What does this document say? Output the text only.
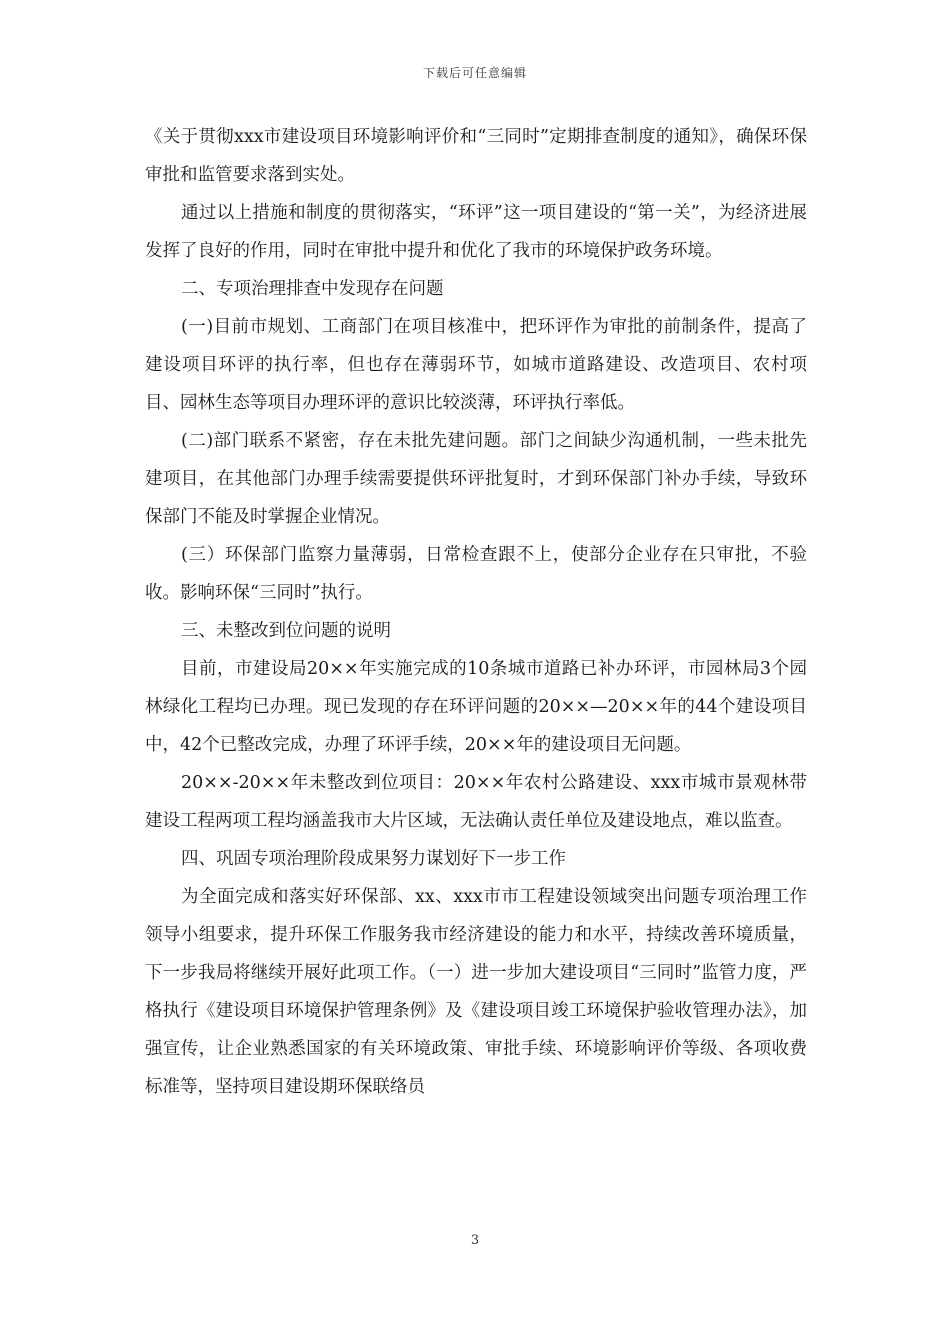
下载后可任意编辑

《关于贯彻xxx市建设项目环境影响评价和“三同时”定期排查制度的通知》，确保环保审批和监管要求落到实处。

通过以上措施和制度的贯彻落实，“环评”这一项目建设的“第一关”，为经济进展发挥了良好的作用，同时在审批中提升和优化了我市的环境保护政务环境。

二、专项治理排查中发现存在问题

(一)目前市规划、工商部门在项目核准中，把环评作为审批的前制条件，提高了建设项目环评的执行率，但也存在薄弱环节，如城市道路建设、改造项目、农村项目、园林生态等项目办理环评的意识比较淡薄，环评执行率低。

(二)部门联系不紧密，存在未批先建问题。部门之间缺少沟通机制，一些未批先建项目，在其他部门办理手续需要提供环评批复时，才到环保部门补办手续，导致环保部门不能及时掌握企业情况。

(三）环保部门监察力量薄弱，日常检查跟不上，使部分企业存在只审批，不验收。影响环保“三同时”执行。

三、未整改到位问题的说明

目前，市建设局20××年实施完成的10条城市道路已补办环评，市园林局3个园林绿化工程均已办理。现已发现的存在环评问题的20××—20××年的44个建设项目中，42个已整改完成，办理了环评手续，20××年的建设项目无问题。

20××-20××年未整改到位项目：20××年农村公路建设、xxx市城市景观林带建设工程两项工程均涵盖我市大片区域，无法确认责任单位及建设地点，难以监查。

四、巩固专项治理阶段成果努力谋划好下一步工作

为全面完成和落实好环保部、xx、xxx市市工程建设领域突出问题专项治理工作领导小组要求，提升环保工作服务我市经济建设的能力和水平，持续改善环境质量，下一步我局将继续开展好此项工作。（一）进一步加大建设项目“三同时”监管力度，严格执行《建设项目环境保护管理条例》及《建设项目竣工环境保护验收管理办法》，加强宣传，让企业熟悉国家的有关环境政策、审批手续、环境影响评价等级、各项收费标准等，坚持项目建设期环保联络员

3
